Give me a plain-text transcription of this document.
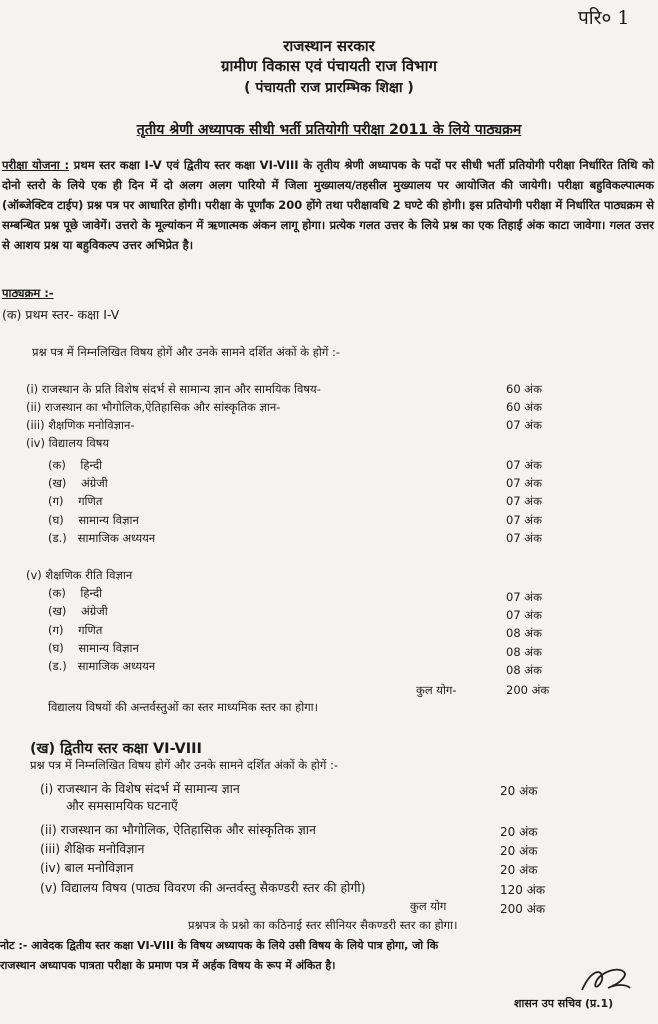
परि० 1
राजस्थान सरकार
ग्रामीण विकास एवं पंचायती राज विभाग
( पंचायती राज प्रारम्भिक शिक्षा )
तृतीय श्रेणी अध्यापक सीधी भर्ती प्रतियोगी परीक्षा 2011 के लिये पाठ्यक्रम
परीक्षा योजना : प्रथम स्तर कक्षा I-V एवं द्वितीय स्तर कक्षा VI-VIII के तृतीय श्रेणी अध्यापक के पदों पर सीधी भर्ती प्रतियोगी परीक्षा निर्धारित तिथि को दोनो स्तरो के लिये एक ही दिन में दो अलग अलग पारियो में जिला मुख्यालय/तहसील मुख्यालय पर आयोजित की जायेगी। परीक्षा बहुविकल्पात्मक (ऑब्जेक्टिव टाईप) प्रश्न पत्र पर आधारित होगी। परीक्षा के पूर्णांक 200 होंगे तथा परीक्षावधि 2 घण्टे की होगी। इस प्रतियोगी परीक्षा में निर्धारित पाठ्यक्रम से सम्बन्धित प्रश्न पूछे जावेगें। उत्तरो के मूल्यांकन में ऋणात्मक अंकन लागू होगा। प्रत्येक गलत उत्तर के लिये प्रश्न का एक तिहाई अंक काटा जावेगा। गलत उत्तर से आशय प्रश्न या बहुविकल्प उत्तर अभिप्रेत है।
पाठ्यक्रम :-
(क) प्रथम स्तर- कक्षा I-V
प्रश्न पत्र में निम्नलिखित विषय होगें और उनके सामने दर्शित अंकों के होगें :-
(i) राजस्थान के प्रति विशेष संदर्भ से सामान्य ज्ञान और सामयिक विषय-	60 अंक
(ii) राजस्थान का भौगोलिक,ऐतिहासिक और सांस्कृतिक ज्ञान-	60 अंक
(iii) शैक्षणिक मनोविज्ञान-	07 अंक
(iv) विद्यालय विषय
(क)    हिन्दी	07 अंक
(ख)    अंग्रेजी	07 अंक
(ग)    गणित	07 अंक
(घ)    सामान्य विज्ञान	07 अंक
(ड.)   सामाजिक अध्ययन	07 अंक
(v) शैक्षणिक रीति विज्ञान
(क)    हिन्दी	07 अंक
(ख)    अंग्रेजी	07 अंक
(ग)    गणित	08 अंक
(घ)    सामान्य विज्ञान	08 अंक
(ड.)   सामाजिक अध्ययन	08 अंक
कुल योग-	200 अंक
विद्यालय विषयों की अन्तर्वस्तुओं का स्तर माध्यमिक स्तर का होगा।
(ख) द्वितीय स्तर कक्षा VI-VIII
प्रश्न पत्र में निम्नलिखित विषय होगें और उनके सामने दर्शित अंकों के होगें :-
(i) राजस्थान के विशेष संदर्भ में सामान्य ज्ञान	20 अंक
और समसामयिक घटनाएँ
(ii) राजस्थान का भौगोलिक, ऐतिहासिक और सांस्कृतिक ज्ञान	20 अंक
(iii) शैक्षिक मनोविज्ञान	20 अंक
(iv) बाल मनोविज्ञान	20 अंक
(v) विद्यालय विषय (पाठ्य विवरण की अन्तर्वस्तु सैकण्डरी स्तर की होगी)	120 अंक
कुल योग	200 अंक
प्रश्नपत्र के प्रश्नो का कठिनाई स्तर सीनियर सैकण्डरी स्तर का होगा।
नोट :- आवेदक द्वितीय स्तर कक्षा VI-VIII के विषय अध्यापक के लिये उसी विषय के लिये पात्र होगा, जो कि
राजस्थान अध्यापक पात्रता परीक्षा के प्रमाण पत्र में अर्हक विषय के रूप में अंकित है।
शासन उप सचिव (प्र.1)
